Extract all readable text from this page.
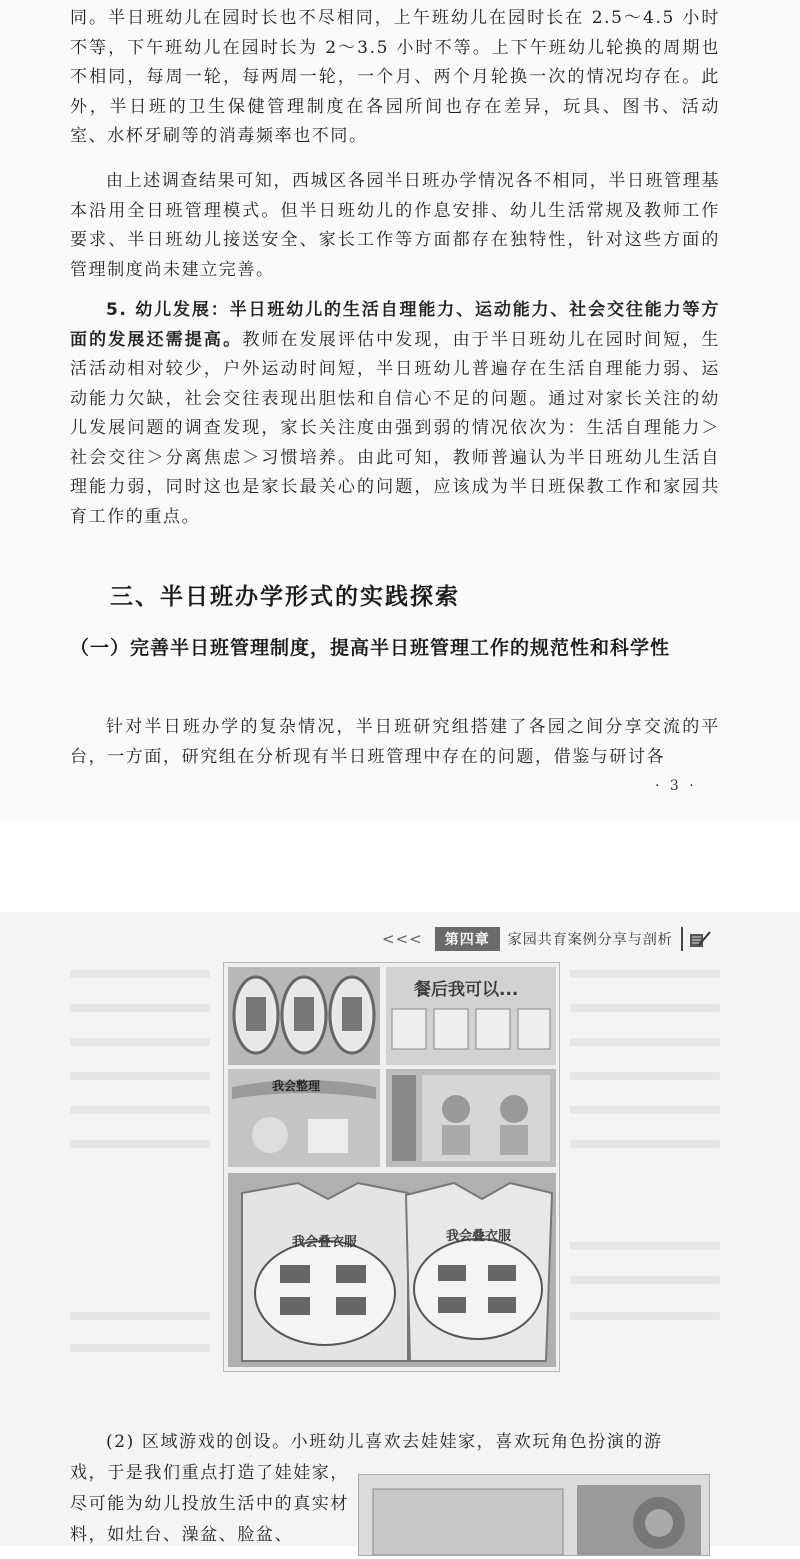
同。半日班幼儿在园时长也不尽相同，上午班幼儿在园时长在 2.5～4.5 小时不等，下午班幼儿在园时长为 2～3.5 小时不等。上下午班幼儿轮换的周期也不相同，每周一轮，每两周一轮，一个月、两个月轮换一次的情况均存在。此外，半日班的卫生保健管理制度在各园所间也存在差异，玩具、图书、活动室、水杯牙刷等的消毒频率也不同。

由上述调查结果可知，西城区各园半日班办学情况各不相同，半日班管理基本沿用全日班管理模式。但半日班幼儿的作息安排、幼儿生活常规及教师工作要求、半日班幼儿接送安全、家长工作等方面都存在独特性，针对这些方面的管理制度尚未建立完善。

5. 幼儿发展：半日班幼儿的生活自理能力、运动能力、社会交往能力等方面的发展还需提高。教师在发展评估中发现，由于半日班幼儿在园时间短，生活活动相对较少，户外运动时间短，半日班幼儿普遍存在生活自理能力弱、运动能力欠缺，社会交往表现出胆怯和自信心不足的问题。通过对家长关注的幼儿发展问题的调查发现，家长关注度由强到弱的情况依次为：生活自理能力＞社会交往＞分离焦虑＞习惯培养。由此可知，教师普遍认为半日班幼儿生活自理能力弱，同时这也是家长最关心的问题，应该成为半日班保教工作和家园共育工作的重点。

三、半日班办学形式的实践探索
（一）完善半日班管理制度，提高半日班管理工作的规范性和科学性

针对半日班办学的复杂情况，半日班研究组搭建了各园之间分享交流的平台，一方面，研究组在分析现有半日班管理中存在的问题，借鉴与研讨各

· 3 ·
<<<	第四章	家园共育案例分享与剖析
餐后我可以...
我会整理
我会叠衣服	我会叠衣服

(2) 区域游戏的创设。小班幼儿喜欢去娃娃家，喜欢玩角色扮演的游

戏，于是我们重点打造了娃娃家，尽可能为幼儿投放生活中的真实材料，如灶台、澡盆、脸盆、
